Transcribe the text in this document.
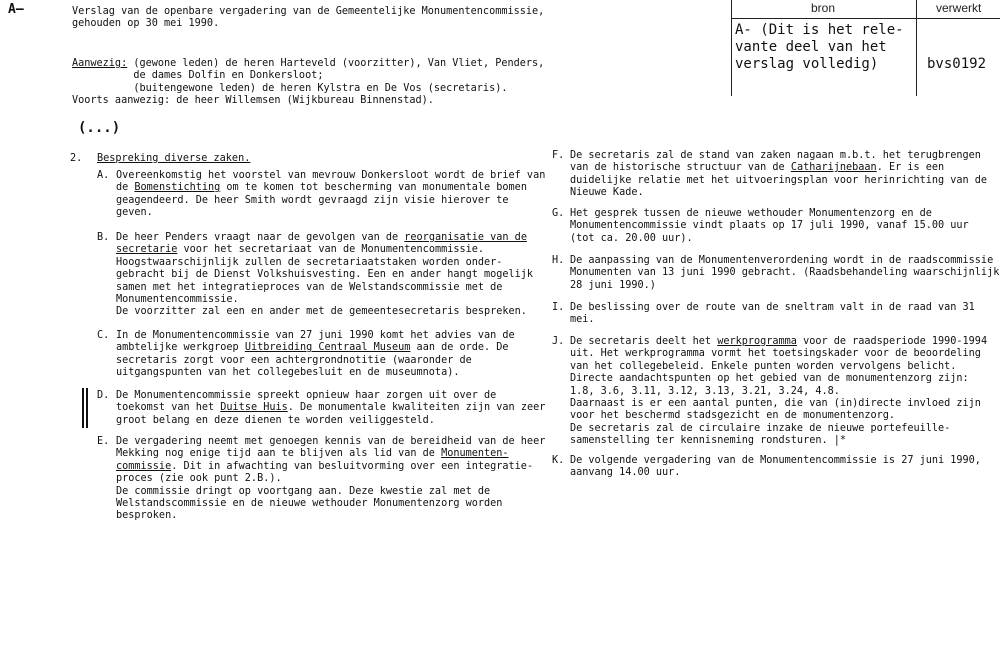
A–	Verslag van de openbare vergadering van de Gemeentelijke Monumentencommissie,
gehouden op 30 mei 1990.
Aanwezig: (gewone leden) de heren Harteveld (voorzitter), Van Vliet, Penders,
de dames Dolfin en Donkersloot;
(buitengewone leden) de heren Kylstra en De Vos (secretaris).
Voorts aanwezig: de heer Willemsen (Wijkbureau Binnenstad).
(...)
bron	verwerkt
A- (Dit is het rele-
vante deel van het
verslag volledig)	bvs0192
2. Bespreking diverse zaken.
A. Overeenkomstig het voorstel van mevrouw Donkersloot wordt de brief van
de Bomenstichting om te komen tot bescherming van monumentale bomen
geagendeerd. De heer Smith wordt gevraagd zijn visie hierover te
geven.
B. De heer Penders vraagt naar de gevolgen van de reorganisatie van de
secretarie voor het secretariaat van de Monumentencommissie.
Hoogstwaarschijnlijk zullen de secretariaatstaken worden onder-
gebracht bij de Dienst Volkshuisvesting. Een en ander hangt mogelijk
samen met het integratieproces van de Welstandscommissie met de
Monumentencommissie.
De voorzitter zal een en ander met de gemeentesecretaris bespreken.
C. In de Monumentencommissie van 27 juni 1990 komt het advies van de
ambtelijke werkgroep Uitbreiding Centraal Museum aan de orde. De
secretaris zorgt voor een achtergrondnotitie (waaronder de
uitgangspunten van het collegebesluit en de museumnota).
D. De Monumentencommissie spreekt opnieuw haar zorgen uit over de
toekomst van het Duitse Huis. De monumentale kwaliteiten zijn van zeer
groot belang en deze dienen te worden veiliggesteld.
E. De vergadering neemt met genoegen kennis van de bereidheid van de heer
Mekking nog enige tijd aan te blijven als lid van de Monumenten-
commissie. Dit in afwachting van besluitvorming over een integratie-
proces (zie ook punt 2.B.).
De commissie dringt op voortgang aan. Deze kwestie zal met de
Welstandscommissie en de nieuwe wethouder Monumentenzorg worden
besproken.
F. De secretaris zal de stand van zaken nagaan m.b.t. het terugbrengen
van de historische structuur van de Catharijnebaan. Er is een
duidelijke relatie met het uitvoeringsplan voor herinrichting van de
Nieuwe Kade.
G. Het gesprek tussen de nieuwe wethouder Monumentenzorg en de
Monumentencommissie vindt plaats op 17 juli 1990, vanaf 15.00 uur
(tot ca. 20.00 uur).
H. De aanpassing van de Monumentenverordening wordt in de raadscommissie
Monumenten van 13 juni 1990 gebracht. (Raadsbehandeling waarschijnlijk
28 juni 1990.)
I. De beslissing over de route van de sneltram valt in de raad van 31
mei.
J. De secretaris deelt het werkprogramma voor de raadsperiode 1990-1994
uit. Het werkprogramma vormt het toetsingskader voor de beoordeling
van het collegebeleid. Enkele punten worden vervolgens belicht.
Directe aandachtspunten op het gebied van de monumentenzorg zijn:
1.8, 3.6, 3.11, 3.12, 3.13, 3.21, 3.24, 4.8.
Daarnaast is er een aantal punten, die van (in)directe invloed zijn
voor het beschermd stadsgezicht en de monumentenzorg.
De secretaris zal de circulaire inzake de nieuwe portefeuille-
samenstelling ter kennisneming rondsturen. |*
K. De volgende vergadering van de Monumentencommissie is 27 juni 1990,
aanvang 14.00 uur.
